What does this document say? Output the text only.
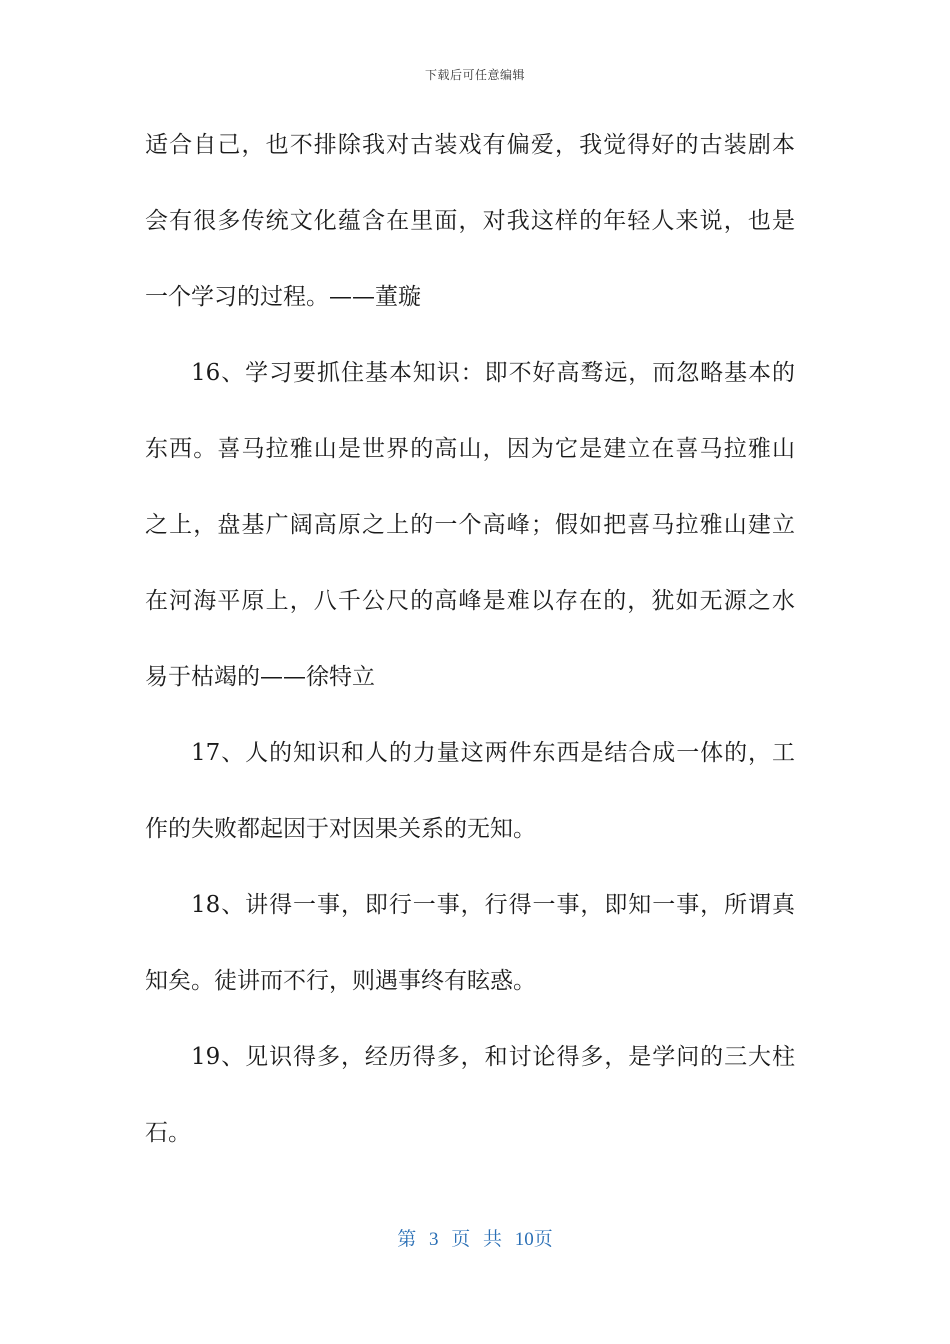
下载后可任意编辑
适合自己，也不排除我对古装戏有偏爱，我觉得好的古装剧本
会有很多传统文化蕴含在里面，对我这样的年轻人来说，也是
一个学习的过程。——董璇
16、学习要抓住基本知识：即不好高骛远，而忽略基本的
东西。喜马拉雅山是世界的高山，因为它是建立在喜马拉雅山
之上，盘基广阔高原之上的一个高峰；假如把喜马拉雅山建立
在河海平原上，八千公尺的高峰是难以存在的，犹如无源之水
易于枯竭的——徐特立
17、人的知识和人的力量这两件东西是结合成一体的，工
作的失败都起因于对因果关系的无知。
18、讲得一事，即行一事，行得一事，即知一事，所谓真
知矣。徒讲而不行，则遇事终有眩惑。
19、见识得多，经历得多，和讨论得多，是学问的三大柱
石。
第 3 页 共 10页
